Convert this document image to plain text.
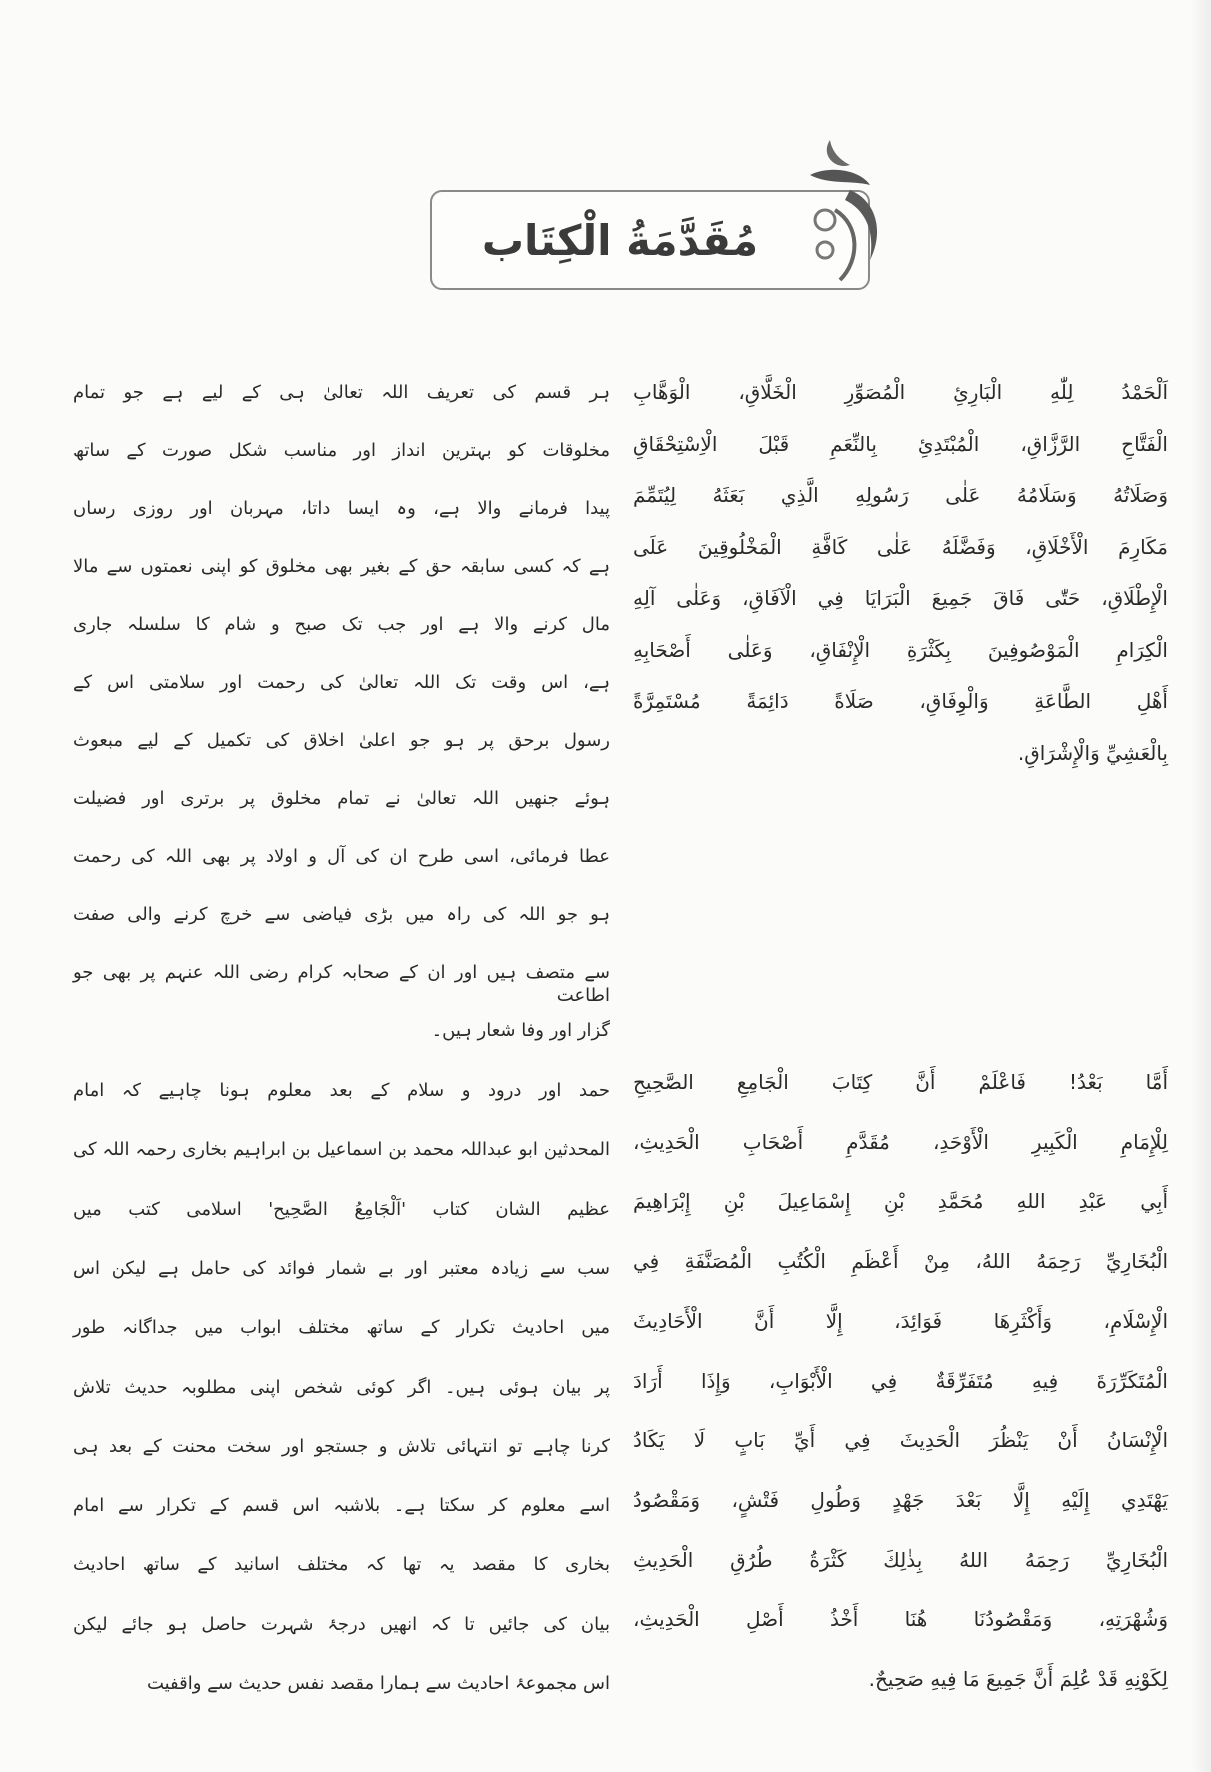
مُقَدَّمَةُ الْكِتَاب
اَلْحَمْدُ لِلّٰهِ الْبَارِئِ الْمُصَوِّرِ الْخَلَّاقِ، الْوَهَّابِ
الْفَتَّاحِ الرَّزَّاقِ، الْمُبْتَدِئِ بِالنِّعَمِ قَبْلَ الْاِسْتِحْقَاقِ
وَصَلَاتُهُ وَسَلَامُهُ عَلٰى رَسُولِهِ الَّذِي بَعَثَهُ لِيُتَمِّمَ
مَكَارِمَ الْأَخْلَاقِ، وَفَضَّلَهُ عَلٰى كَافَّةِ الْمَخْلُوقِينَ عَلَى
الْإِطْلَاقِ، حَتّٰى فَاقَ جَمِيعَ الْبَرَايَا فِي الْآفَاقِ، وَعَلٰى آلِهِ
الْكِرَامِ الْمَوْصُوفِينَ بِكَثْرَةِ الْإِنْفَاقِ، وَعَلٰى أَصْحَابِهِ
أَهْلِ الطَّاعَةِ وَالْوِفَاقِ، صَلَاةً دَائِمَةً مُسْتَمِرَّةً
بِالْعَشِيِّ وَالْإِشْرَاقِ.
أَمَّا بَعْدُ! فَاعْلَمْ أَنَّ كِتَابَ الْجَامِعِ الصَّحِيحِ
لِلْإِمَامِ الْكَبِيرِ الْأَوْحَدِ، مُقَدَّمِ أَصْحَابِ الْحَدِيثِ،
أَبِي عَبْدِ اللهِ مُحَمَّدِ بْنِ إِسْمَاعِيلَ بْنِ إِبْرَاهِيمَ
الْبُخَارِيِّ رَحِمَهُ اللهُ، مِنْ أَعْظَمِ الْكُتُبِ الْمُصَنَّفَةِ فِي
الْإِسْلَامِ، وَأَكْثَرِهَا فَوَائِدَ، إِلَّا أَنَّ الْأَحَادِيثَ
الْمُتَكَرِّرَةَ فِيهِ مُتَفَرِّقَةٌ فِي الْأَبْوَابِ، وَإِذَا أَرَادَ
الْإِنْسَانُ أَنْ يَنْظُرَ الْحَدِيثَ فِي أَيِّ بَابٍ لَا يَكَادُ
يَهْتَدِي إِلَيْهِ إِلَّا بَعْدَ جَهْدٍ وَطُولِ فَتْشٍ، وَمَقْصُودُ
الْبُخَارِيِّ رَحِمَهُ اللهُ بِذٰلِكَ كَثْرَةُ طُرُقِ الْحَدِيثِ
وَشُهْرَتِهِ، وَمَقْصُودُنَا هُنَا أَخْذُ أَصْلِ الْحَدِيثِ،
لِكَوْنِهِ قَدْ عُلِمَ أَنَّ جَمِيعَ مَا فِيهِ صَحِيحٌ.
ہر قسم کی تعریف اللہ تعالیٰ ہی کے لیے ہے جو تمام
مخلوقات کو بہترین انداز اور مناسب شکل صورت کے ساتھ
پیدا فرمانے والا ہے، وہ ایسا داتا، مہربان اور روزی رساں
ہے کہ کسی سابقہ حق کے بغیر بھی مخلوق کو اپنی نعمتوں سے مالا
مال کرنے والا ہے اور جب تک صبح و شام کا سلسلہ جاری
ہے، اس وقت تک اللہ تعالیٰ کی رحمت اور سلامتی اس کے
رسول برحق پر ہو جو اعلیٰ اخلاق کی تکمیل کے لیے مبعوث
ہوئے جنھیں اللہ تعالیٰ نے تمام مخلوق پر برتری اور فضیلت
عطا فرمائی، اسی طرح ان کی آل و اولاد پر بھی اللہ کی رحمت
ہو جو اللہ کی راہ میں بڑی فیاضی سے خرچ کرنے والی صفت
سے متصف ہیں اور ان کے صحابہ کرام رضی اللہ عنہم پر بھی جو اطاعت
گزار اور وفا شعار ہیں۔
حمد اور درود و سلام کے بعد معلوم ہونا چاہیے کہ امام
المحدثین ابو عبداللہ محمد بن اسماعیل بن ابراہیم بخاری رحمہ اللہ کی
عظیم الشان کتاب 'اَلْجَامِعُ الصَّحِیح' اسلامی کتب میں
سب سے زیادہ معتبر اور بے شمار فوائد کی حامل ہے لیکن اس
میں احادیث تکرار کے ساتھ مختلف ابواب میں جداگانہ طور
پر بیان ہوئی ہیں۔ اگر کوئی شخص اپنی مطلوبہ حدیث تلاش
کرنا چاہے تو انتہائی تلاش و جستجو اور سخت محنت کے بعد ہی
اسے معلوم کر سکتا ہے۔ بلاشبہ اس قسم کے تکرار سے امام
بخاری کا مقصد یہ تھا کہ مختلف اسانید کے ساتھ احادیث
بیان کی جائیں تا کہ انھیں درجۂ شہرت حاصل ہو جائے لیکن
اس مجموعۂ احادیث سے ہمارا مقصد نفس حدیث سے واقفیت
